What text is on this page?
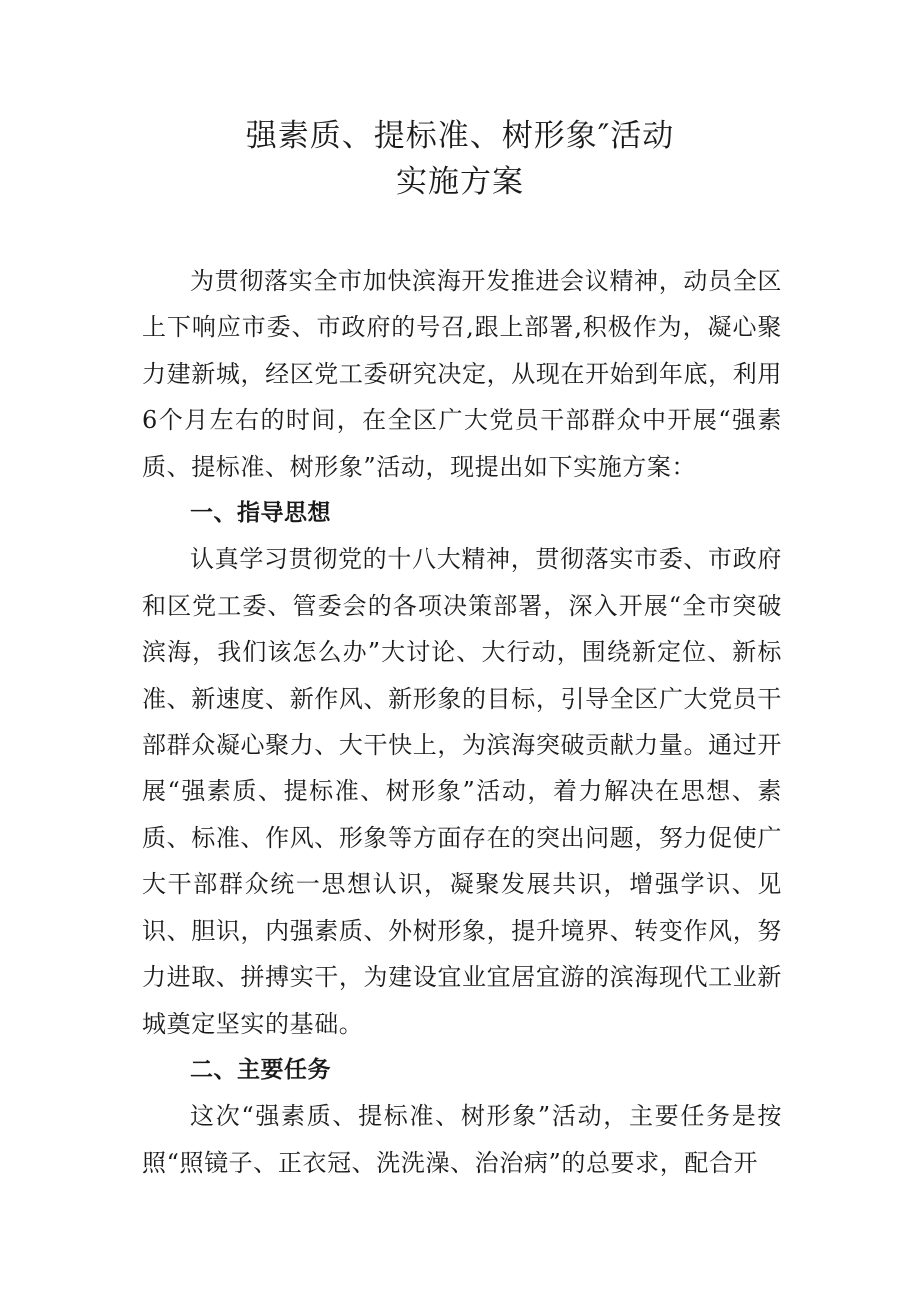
强素质、提标准、树形象″活动
实施方案

为贯彻落实全市加快滨海开发推进会议精神，动员全区上下响应市委、市政府的号召,跟上部署,积极作为，凝心聚力建新城，经区党工委研究决定，从现在开始到年底，利用6个月左右的时间，在全区广大党员干部群众中开展“强素质、提标准、树形象”活动，现提出如下实施方案：

一、指导思想

认真学习贯彻党的十八大精神，贯彻落实市委、市政府和区党工委、管委会的各项决策部署，深入开展“全市突破滨海，我们该怎么办”大讨论、大行动，围绕新定位、新标准、新速度、新作风、新形象的目标，引导全区广大党员干部群众凝心聚力、大干快上，为滨海突破贡献力量。通过开展“强素质、提标准、树形象”活动，着力解决在思想、素质、标准、作风、形象等方面存在的突出问题，努力促使广大干部群众统一思想认识，凝聚发展共识，增强学识、见识、胆识，内强素质、外树形象，提升境界、转变作风，努力进取、拼搏实干，为建设宜业宜居宜游的滨海现代工业新城奠定坚实的基础。

二、主要任务

这次“强素质、提标准、树形象”活动，主要任务是按照“照镜子、正衣冠、洗洗澡、治治病”的总要求，配合开
